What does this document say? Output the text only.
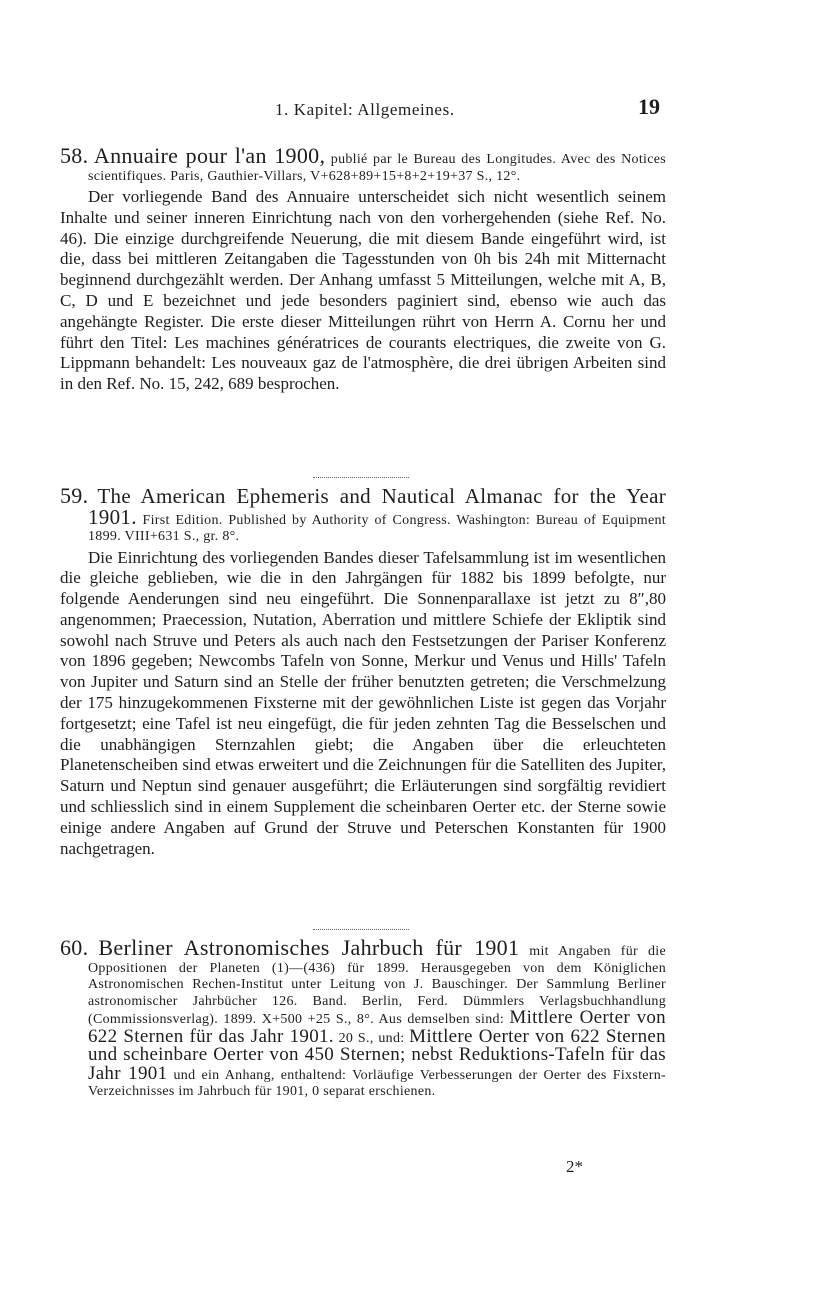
1. Kapitel: Allgemeines.	19

58. Annuaire pour l'an 1900, publié par le Bureau des Longitudes. Avec des Notices scientifiques. Paris, Gauthier-Villars, V+628+89+15+8+2+19+37 S., 12°.

Der vorliegende Band des Annuaire unterscheidet sich nicht wesentlich seinem Inhalte und seiner inneren Einrichtung nach von den vorhergehenden (siehe Ref. No. 46). Die einzige durchgreifende Neuerung, die mit diesem Bande eingeführt wird, ist die, dass bei mittleren Zeitangaben die Tagesstunden von 0h bis 24h mit Mitternacht beginnend durchgezählt werden. Der Anhang umfasst 5 Mitteilungen, welche mit A, B, C, D und E bezeichnet und jede besonders paginiert sind, ebenso wie auch das angehängte Register. Die erste dieser Mitteilungen rührt von Herrn A. Cornu her und führt den Titel: Les machines génératrices de courants electriques, die zweite von G. Lippmann behandelt: Les nouveaux gaz de l'atmosphère, die drei übrigen Arbeiten sind in den Ref. No. 15, 242, 689 besprochen.

59. The American Ephemeris and Nautical Almanac for the Year 1901. First Edition. Published by Authority of Congress. Washington: Bureau of Equipment 1899. VIII+631 S., gr. 8°.

Die Einrichtung des vorliegenden Bandes dieser Tafelsammlung ist im wesentlichen die gleiche geblieben, wie die in den Jahrgängen für 1882 bis 1899 befolgte, nur folgende Aenderungen sind neu eingeführt. Die Sonnenparallaxe ist jetzt zu 8″,80 angenommen; Praecession, Nutation, Aberration und mittlere Schiefe der Ekliptik sind sowohl nach Struve und Peters als auch nach den Festsetzungen der Pariser Konferenz von 1896 gegeben; Newcombs Tafeln von Sonne, Merkur und Venus und Hills' Tafeln von Jupiter und Saturn sind an Stelle der früher benutzten getreten; die Verschmelzung der 175 hinzugekommenen Fixsterne mit der gewöhnlichen Liste ist gegen das Vorjahr fortgesetzt; eine Tafel ist neu eingefügt, die für jeden zehnten Tag die Besselschen und die unabhängigen Sternzahlen giebt; die Angaben über die erleuchteten Planetenscheiben sind etwas erweitert und die Zeichnungen für die Satelliten des Jupiter, Saturn und Neptun sind genauer ausgeführt; die Erläuterungen sind sorgfältig revidiert und schliesslich sind in einem Supplement die scheinbaren Oerter etc. der Sterne sowie einige andere Angaben auf Grund der Struve und Peterschen Konstanten für 1900 nachgetragen.

60. Berliner Astronomisches Jahrbuch für 1901 mit Angaben für die Oppositionen der Planeten (1)—(436) für 1899. Herausgegeben von dem Königlichen Astronomischen Rechen-Institut unter Leitung von J. Bauschinger. Der Sammlung Berliner astronomischer Jahrbücher 126. Band. Berlin, Ferd. Dümmlers Verlagsbuchhandlung (Commissionsverlag). 1899. X+500 +25 S., 8°. Aus demselben sind: Mittlere Oerter von 622 Sternen für das Jahr 1901. 20 S., und: Mittlere Oerter von 622 Sternen und scheinbare Oerter von 450 Sternen; nebst Reduktions-Tafeln für das Jahr 1901 und ein Anhang, enthaltend: Vorläufige Verbesserungen der Oerter des Fixstern-Verzeichnisses im Jahrbuch für 1901, 0 separat erschienen.

2*
